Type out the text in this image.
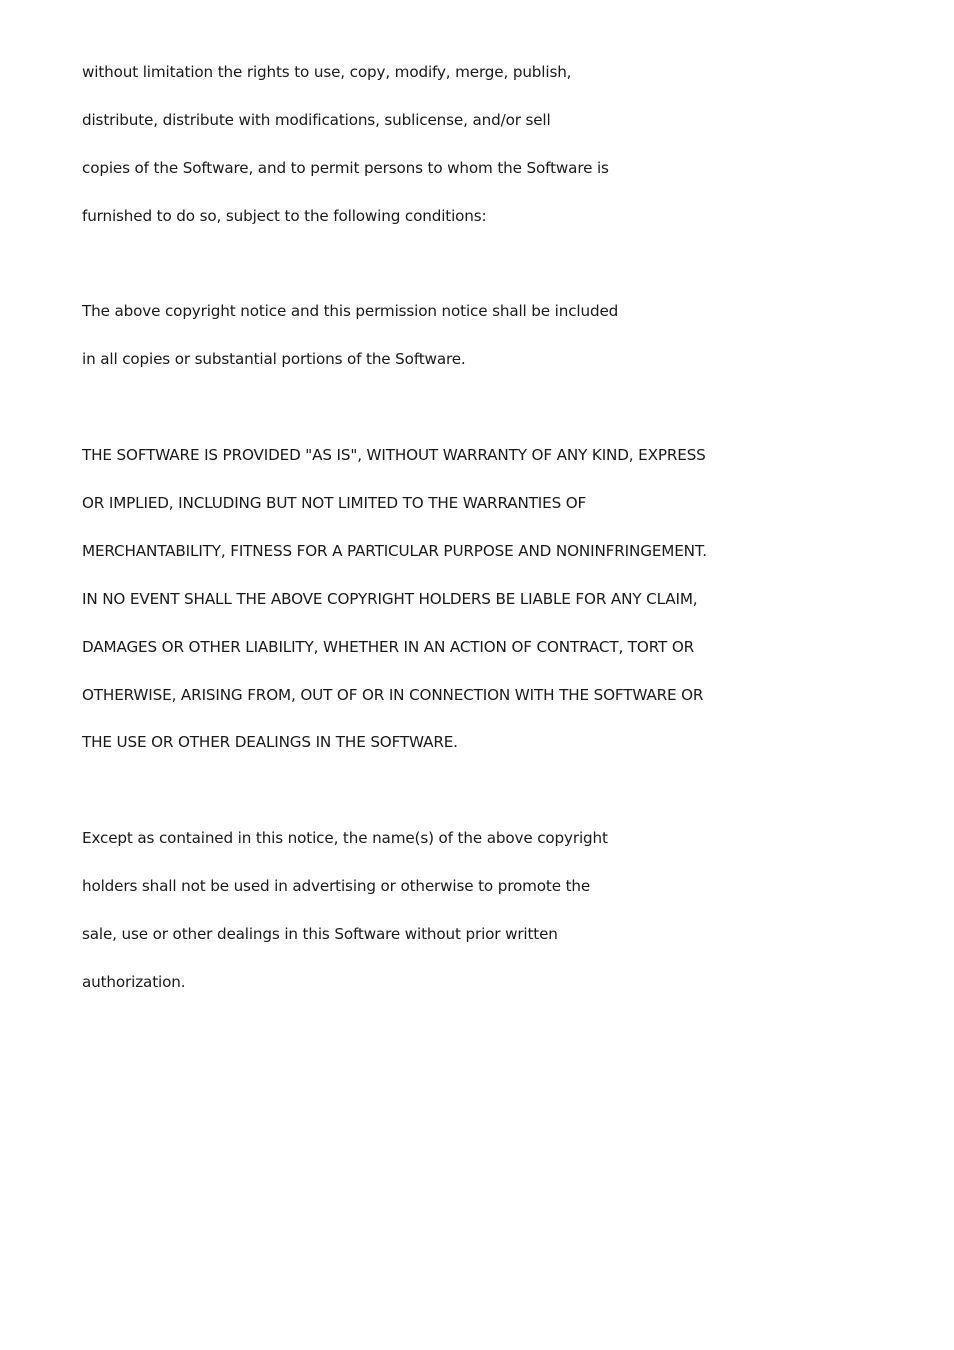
without limitation the rights to use, copy, modify, merge, publish,

distribute, distribute with modifications, sublicense, and/or sell

copies of the Software, and to permit persons to whom the Software is

furnished to do so, subject to the following conditions:

The above copyright notice and this permission notice shall be included

in all copies or substantial portions of the Software.

THE SOFTWARE IS PROVIDED "AS IS", WITHOUT WARRANTY OF ANY KIND, EXPRESS

OR IMPLIED, INCLUDING BUT NOT LIMITED TO THE WARRANTIES OF

MERCHANTABILITY, FITNESS FOR A PARTICULAR PURPOSE AND NONINFRINGEMENT.

IN NO EVENT SHALL THE ABOVE COPYRIGHT HOLDERS BE LIABLE FOR ANY CLAIM,

DAMAGES OR OTHER LIABILITY, WHETHER IN AN ACTION OF CONTRACT, TORT OR

OTHERWISE, ARISING FROM, OUT OF OR IN CONNECTION WITH THE SOFTWARE OR

THE USE OR OTHER DEALINGS IN THE SOFTWARE.

Except as contained in this notice, the name(s) of the above copyright

holders shall not be used in advertising or otherwise to promote the

sale, use or other dealings in this Software without prior written

authorization.
